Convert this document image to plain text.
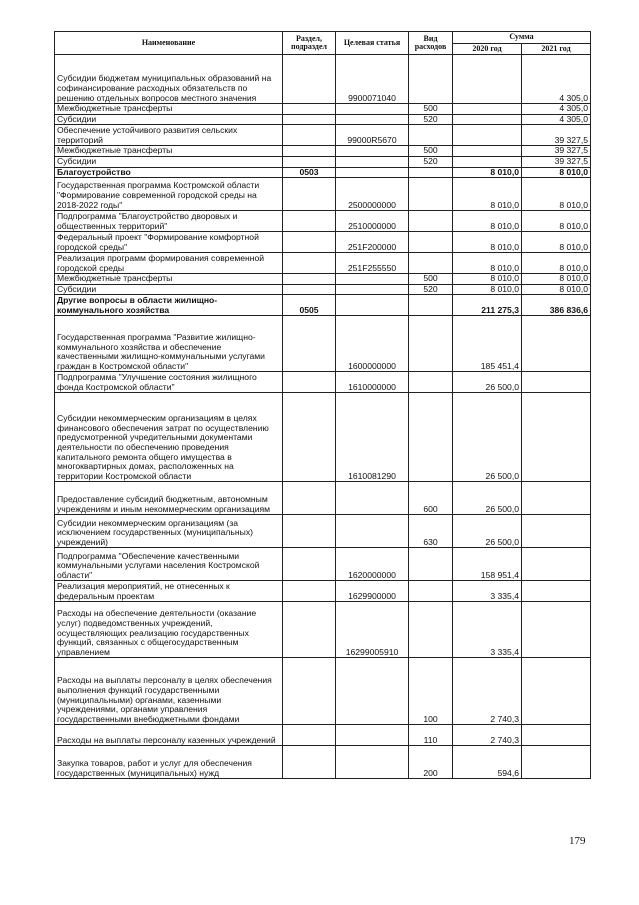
Наименование	Раздел, подраздел	Целевая статья	Вид расходов	Сумма	
				2020 год	2021 год
Субсидии бюджетам муниципальных образований на софинансирование расходных обязательств по решению отдельных вопросов местного значения		9900071040			4 305,0
Межбюджетные трансферты			500		4 305,0
Субсидии			520		4 305,0
Обеспечение устойчивого развития сельских территорий		99000R5670			39 327,5
Межбюджетные трансферты			500		39 327,5
Субсидии			520		39 327,5
Благоустройство	0503			8 010,0	8 010,0
Государственная программа Костромской области "Формирование современной городской среды на 2018-2022 годы"		2500000000		8 010,0	8 010,0
Подпрограмма "Благоустройство дворовых и общественных территорий"		2510000000		8 010,0	8 010,0
Федеральный проект "Формирование комфортной городской среды"		251F200000		8 010,0	8 010,0
Реализация программ формирования современной городской среды		251F255550		8 010,0	8 010,0
Межбюджетные трансферты			500	8 010,0	8 010,0
Субсидии			520	8 010,0	8 010,0
Другие вопросы в области жилищно-коммунального хозяйства	0505			211 275,3	386 836,6
Государственная программа "Развитие жилищно-коммунального хозяйства и обеспечение качественными жилищно-коммунальными услугами граждан в Костромской области"		1600000000		185 451,4	
Подпрограмма "Улучшение состояния жилищного фонда Костромской области"		1610000000		26 500,0	
Субсидии некоммерческим организациям в целях финансового обеспечения затрат по осуществлению предусмотренной учредительными документами деятельности по обеспечению проведения капитального ремонта общего имущества в многоквартирных домах, расположенных на территории Костромской области		1610081290		26 500,0	
Предоставление субсидий бюджетным, автономным учреждениям и иным некоммерческим организациям			600	26 500,0	
Субсидии некоммерческим организациям (за исключением государственных (муниципальных) учреждений)			630	26 500,0	
Подпрограмма "Обеспечение качественными коммунальными услугами населения Костромской области"		1620000000		158 951,4	
Реализация мероприятий, не отнесенных к федеральным проектам		1629900000		3 335,4	
Расходы на обеспечение деятельности (оказание услуг) подведомственных учреждений, осуществляющих реализацию государственных функций, связанных с общегосударственным управлением		16299005910		3 335,4	
Расходы на выплаты персоналу в целях обеспечения выполнения функций государственными (муниципальными) органами, казенными учреждениями, органами управления государственными внебюджетными фондами			100	2 740,3	
Расходы на выплаты персоналу казенных учреждений			110	2 740,3	
Закупка товаров, работ и услуг для обеспечения государственных (муниципальных) нужд			200	594,6	
179
